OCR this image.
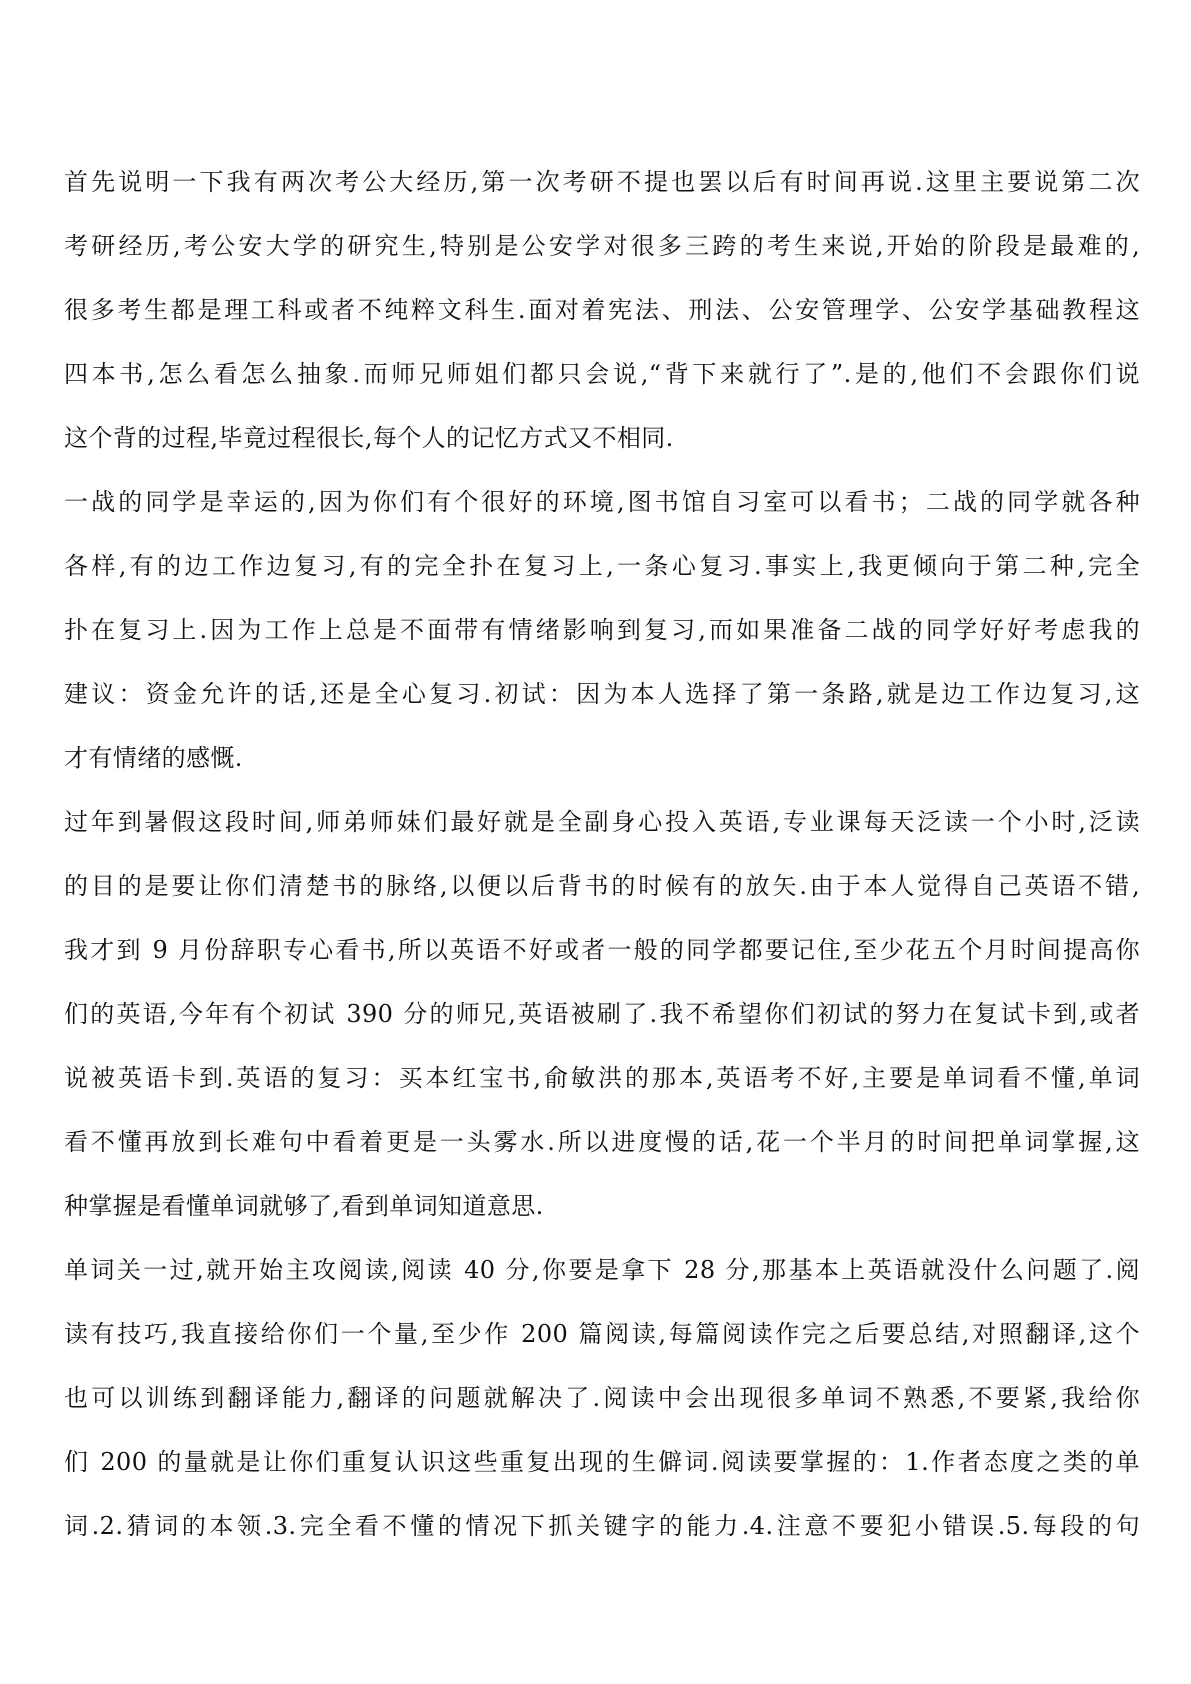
首先说明一下我有两次考公大经历,第一次考研不提也罢以后有时间再说.这里主要说第二次
考研经历,考公安大学的研究生,特别是公安学对很多三跨的考生来说,开始的阶段是最难的,
很多考生都是理工科或者不纯粹文科生.面对着宪法、刑法、公安管理学、公安学基础教程这
四本书,怎么看怎么抽象.而师兄师姐们都只会说,“背下来就行了”.是的,他们不会跟你们说
这个背的过程,毕竟过程很长,每个人的记忆方式又不相同.
一战的同学是幸运的,因为你们有个很好的环境,图书馆自习室可以看书；二战的同学就各种
各样,有的边工作边复习,有的完全扑在复习上,一条心复习.事实上,我更倾向于第二种,完全
扑在复习上.因为工作上总是不面带有情绪影响到复习,而如果准备二战的同学好好考虑我的
建议：资金允许的话,还是全心复习.初试：因为本人选择了第一条路,就是边工作边复习,这
才有情绪的感慨.
过年到暑假这段时间,师弟师妹们最好就是全副身心投入英语,专业课每天泛读一个小时,泛读
的目的是要让你们清楚书的脉络,以便以后背书的时候有的放矢.由于本人觉得自己英语不错,
我才到 9 月份辞职专心看书,所以英语不好或者一般的同学都要记住,至少花五个月时间提高你
们的英语,今年有个初试 390 分的师兄,英语被刷了.我不希望你们初试的努力在复试卡到,或者
说被英语卡到.英语的复习：买本红宝书,俞敏洪的那本,英语考不好,主要是单词看不懂,单词
看不懂再放到长难句中看着更是一头雾水.所以进度慢的话,花一个半月的时间把单词掌握,这
种掌握是看懂单词就够了,看到单词知道意思.
单词关一过,就开始主攻阅读,阅读 40 分,你要是拿下 28 分,那基本上英语就没什么问题了.阅
读有技巧,我直接给你们一个量,至少作 200 篇阅读,每篇阅读作完之后要总结,对照翻译,这个
也可以训练到翻译能力,翻译的问题就解决了.阅读中会出现很多单词不熟悉,不要紧,我给你
们 200 的量就是让你们重复认识这些重复出现的生僻词.阅读要掌握的：1.作者态度之类的单
词.2.猜词的本领.3.完全看不懂的情况下抓关键字的能力.4.注意不要犯小错误.5.每段的句
